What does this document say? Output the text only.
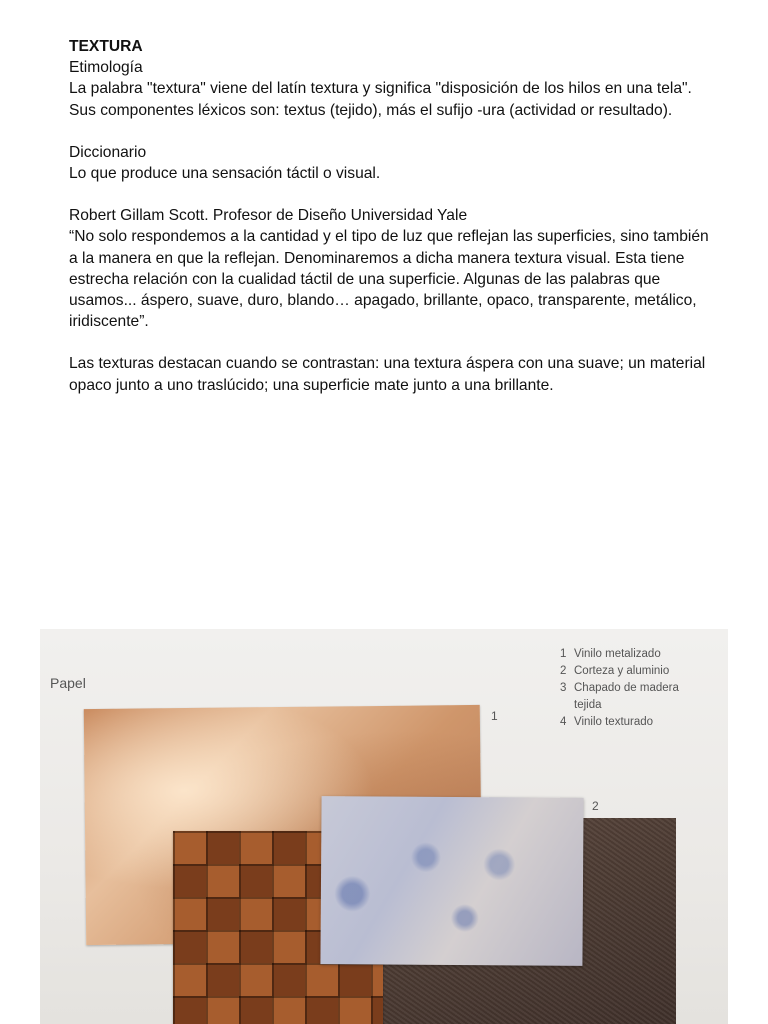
TEXTURA

Etimología

La palabra "textura" viene del latín textura y significa "disposición de los hilos en una tela".

Sus componentes léxicos son: textus (tejido), más el sufijo -ura (actividad or resultado).

Diccionario

Lo que produce una sensación táctil o visual.

Robert Gillam Scott. Profesor de Diseño Universidad Yale

“No solo respondemos a la cantidad y el tipo de luz que reflejan las superficies, sino también

a la manera en que la reflejan. Denominaremos a dicha manera textura visual. Esta tiene

estrecha relación con la cualidad táctil de una superficie. Algunas de las palabras que

usamos... áspero, suave, duro, blando… apagado, brillante, opaco, transparente, metálico,

iridiscente”.

Las texturas destacan cuando se contrastan: una textura áspera con una suave; un material

opaco junto a uno traslúcido; una superficie mate junto a una brillante.

Papel
1 Vinilo metalizado
2 Corteza y aluminio
3 Chapado de madera
tejida
4 Vinilo texturado
1
2
